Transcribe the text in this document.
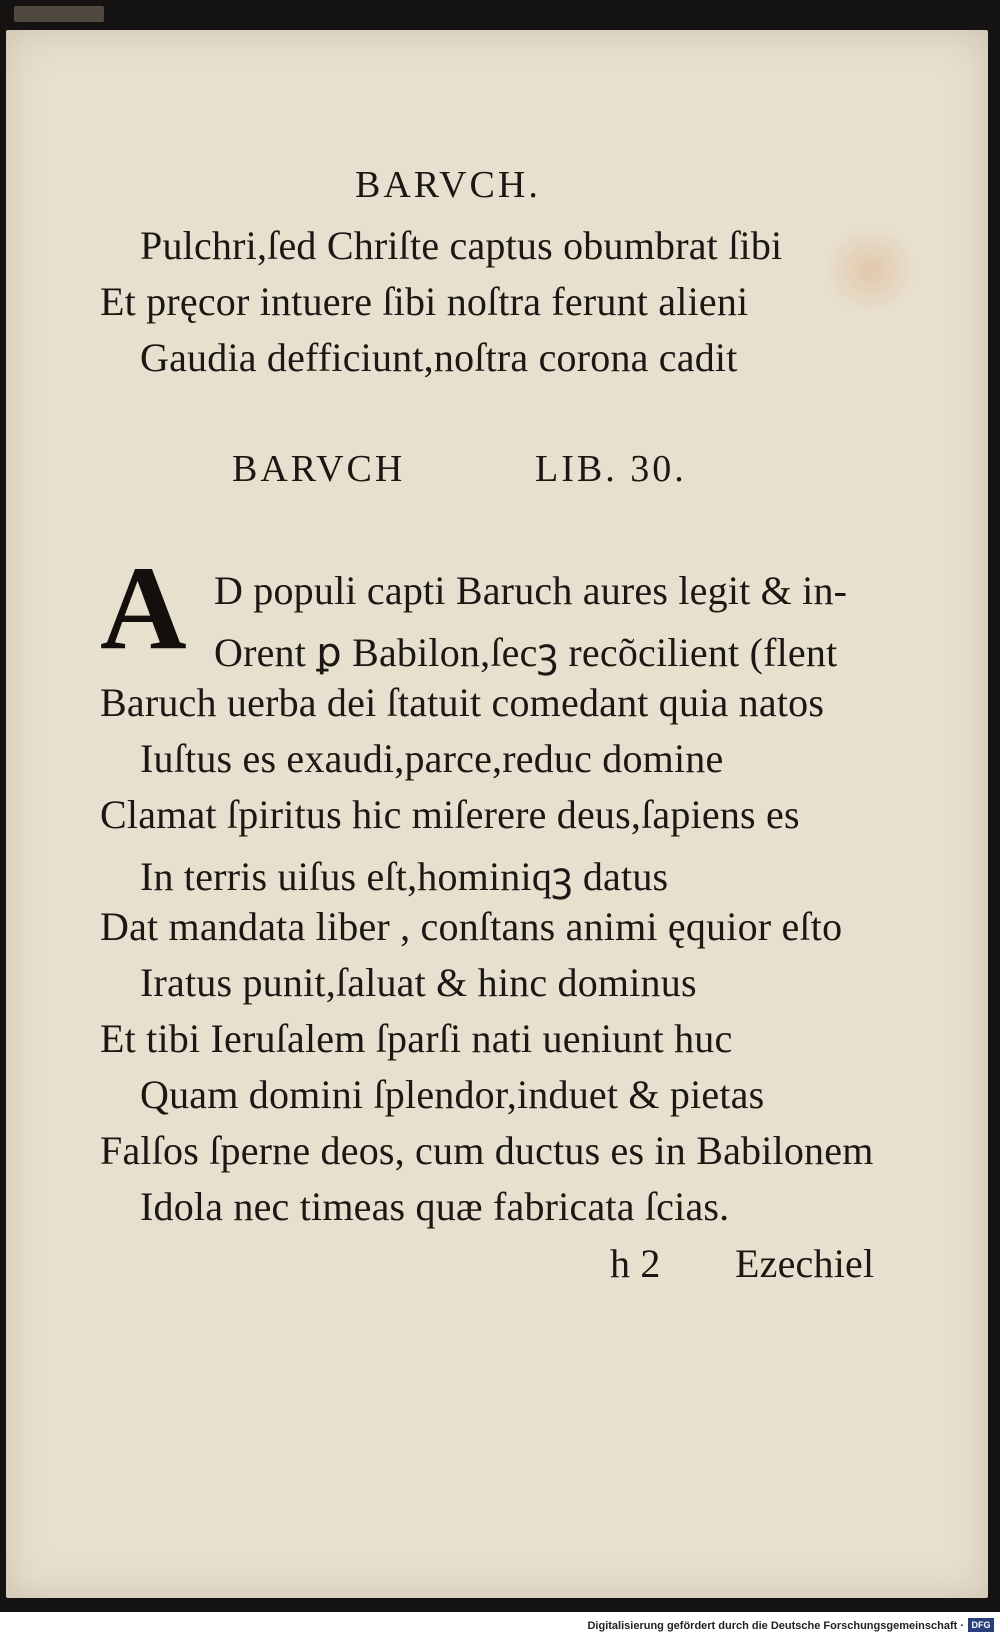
BARVCH.
Pulchri,ſed Chriſte captus obumbrat ſibi
Et pręcor intuere ſibi noſtra ferunt alieni
Gaudia defficiunt,noſtra corona cadit
BARVCH	LIB. 30.
A D populi capti Baruch aures legit & in-
Orent ꝑ Babilon,ſecꝫ recõcilient (flent
Baruch uerba dei ſtatuit comedant quia natos
Iuſtus es exaudi,parce,reduc domine
Clamat ſpiritus hic miſerere deus,ſapiens es
In terris uiſus eſt,hominiqꝫ datus
Dat mandata liber , conſtans animi ęquior eſto
Iratus punit,ſaluat & hinc dominus
Et tibi Ieruſalem ſparſi nati ueniunt huc
Quam domini ſplendor,induet & pietas
Falſos ſperne deos, cum ductus es in Babilonem
Idola nec timeas quæ fabricata ſcias.
h 2 Ezechiel
Digitalisierung gefördert durch die Deutsche Forschungsgemeinschaft · DFG
